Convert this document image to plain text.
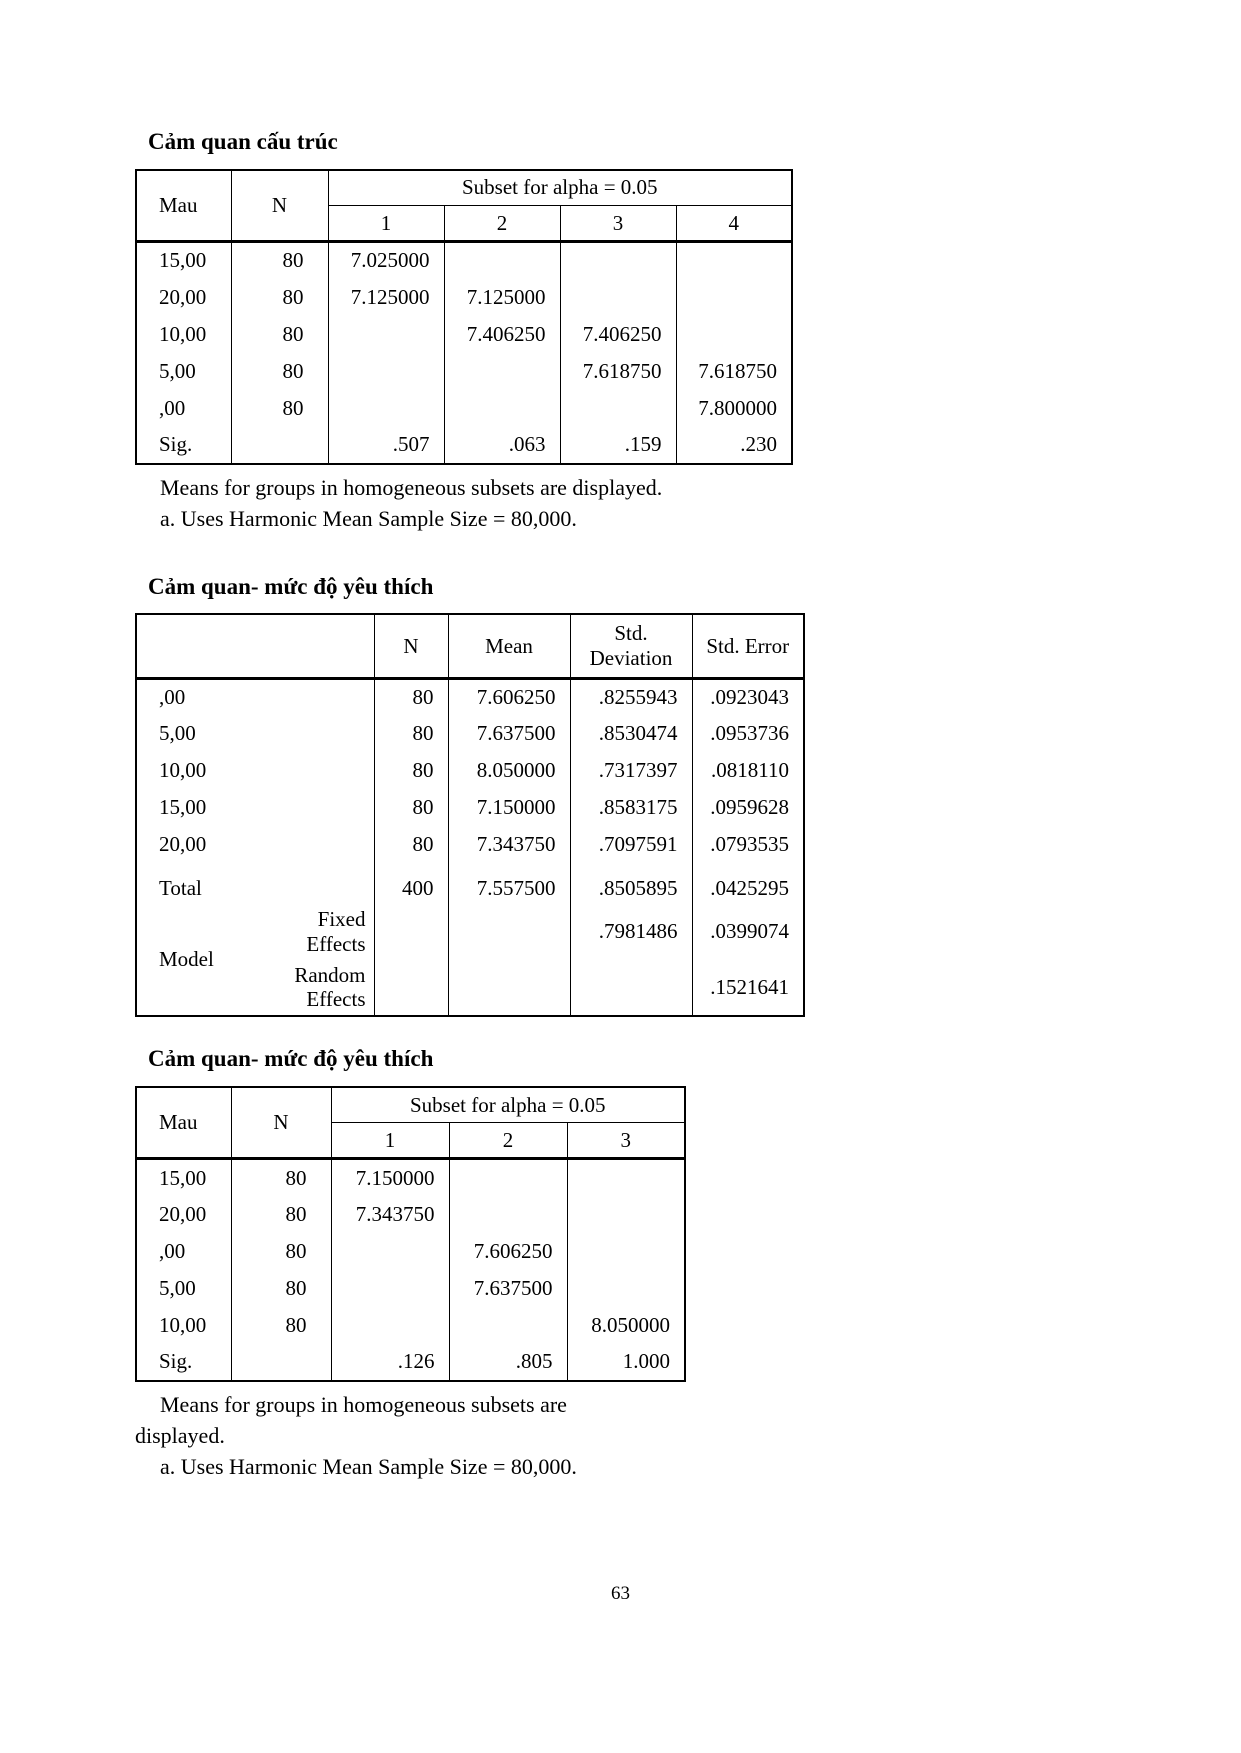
Cảm quan cấu trúc
Mau	N	Subset for alpha = 0.05			
		1	2	3	4
15,00	80	7.025000			
20,00	80	7.125000	7.125000		
10,00	80		7.406250	7.406250	
5,00	80			7.618750	7.618750
,00	80				7.800000
Sig.		.507	.063	.159	.230
Means for groups in homogeneous subsets are displayed.
a. Uses Harmonic Mean Sample Size = 80,000.
Cảm quan- mức độ yêu thích
		N	Mean	Std. Deviation	Std. Error
,00		80	7.606250	.8255943	.0923043
5,00		80	7.637500	.8530474	.0953736
10,00		80	8.050000	.7317397	.0818110
15,00		80	7.150000	.8583175	.0959628
20,00		80	7.343750	.7097591	.0793535
Total		400	7.557500	.8505895	.0425295
Model	Fixed Effects			.7981486	.0399074
	Random Effects				.1521641
Cảm quan- mức độ yêu thích
Mau	N	Subset for alpha = 0.05		
		1	2	3
15,00	80	7.150000		
20,00	80	7.343750		
,00	80		7.606250	
5,00	80		7.637500	
10,00	80			8.050000
Sig.		.126	.805	1.000
Means for groups in homogeneous subsets are
displayed.
a. Uses Harmonic Mean Sample Size = 80,000.
63
